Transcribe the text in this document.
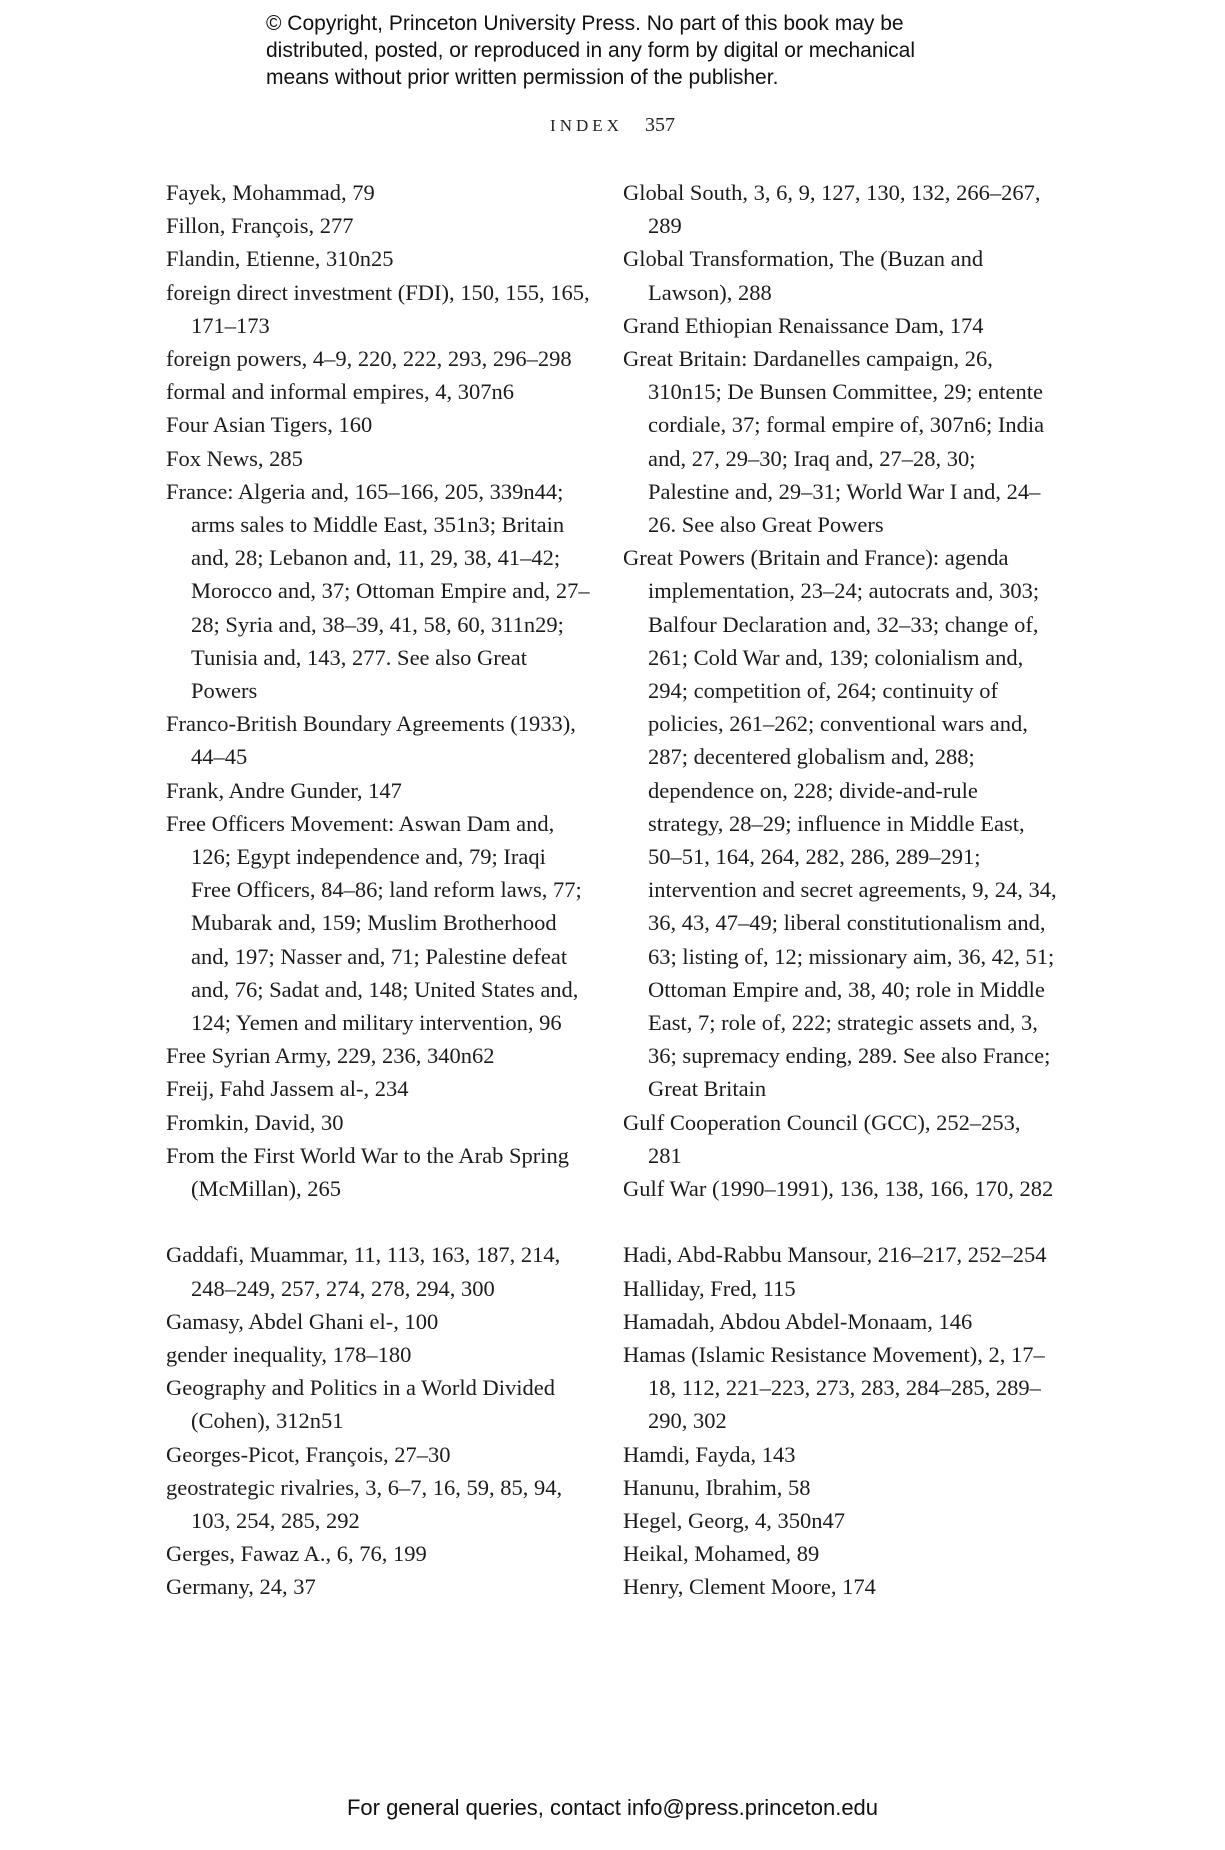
© Copyright, Princeton University Press. No part of this book may be
distributed, posted, or reproduced in any form by digital or mechanical
means without prior written permission of the publisher.
INDEX 357
Fayek, Mohammad, 79
Fillon, François, 277
Flandin, Etienne, 310n25
foreign direct investment (FDI), 150, 155, 165, 171–173
foreign powers, 4–9, 220, 222, 293, 296–298
formal and informal empires, 4, 307n6
Four Asian Tigers, 160
Fox News, 285
France: Algeria and, 165–166, 205, 339n44; arms sales to Middle East, 351n3; Britain and, 28; Lebanon and, 11, 29, 38, 41–42; Morocco and, 37; Ottoman Empire and, 27–28; Syria and, 38–39, 41, 58, 60, 311n29; Tunisia and, 143, 277. See also Great Powers
Franco-British Boundary Agreements (1933), 44–45
Frank, Andre Gunder, 147
Free Officers Movement: Aswan Dam and, 126; Egypt independence and, 79; Iraqi Free Officers, 84–86; land reform laws, 77; Mubarak and, 159; Muslim Brotherhood and, 197; Nasser and, 71; Palestine defeat and, 76; Sadat and, 148; United States and, 124; Yemen and military intervention, 96
Free Syrian Army, 229, 236, 340n62
Freij, Fahd Jassem al-, 234
Fromkin, David, 30
From the First World War to the Arab Spring (McMillan), 265
Gaddafi, Muammar, 11, 113, 163, 187, 214, 248–249, 257, 274, 278, 294, 300
Gamasy, Abdel Ghani el-, 100
gender inequality, 178–180
Geography and Politics in a World Divided (Cohen), 312n51
Georges-Picot, François, 27–30
geostrategic rivalries, 3, 6–7, 16, 59, 85, 94, 103, 254, 285, 292
Gerges, Fawaz A., 6, 76, 199
Germany, 24, 37
Global South, 3, 6, 9, 127, 130, 132, 266–267, 289
Global Transformation, The (Buzan and Lawson), 288
Grand Ethiopian Renaissance Dam, 174
Great Britain: Dardanelles campaign, 26, 310n15; De Bunsen Committee, 29; entente cordiale, 37; formal empire of, 307n6; India and, 27, 29–30; Iraq and, 27–28, 30; Palestine and, 29–31; World War I and, 24–26. See also Great Powers
Great Powers (Britain and France): agenda implementation, 23–24; autocrats and, 303; Balfour Declaration and, 32–33; change of, 261; Cold War and, 139; colonialism and, 294; competition of, 264; continuity of policies, 261–262; conventional wars and, 287; decentered globalism and, 288; dependence on, 228; divide-and-rule strategy, 28–29; influence in Middle East, 50–51, 164, 264, 282, 286, 289–291; intervention and secret agreements, 9, 24, 34, 36, 43, 47–49; liberal constitutionalism and, 63; listing of, 12; missionary aim, 36, 42, 51; Ottoman Empire and, 38, 40; role in Middle East, 7; role of, 222; strategic assets and, 3, 36; supremacy ending, 289. See also France; Great Britain
Gulf Cooperation Council (GCC), 252–253, 281
Gulf War (1990–1991), 136, 138, 166, 170, 282
Hadi, Abd-Rabbu Mansour, 216–217, 252–254
Halliday, Fred, 115
Hamadah, Abdou Abdel-Monaam, 146
Hamas (Islamic Resistance Movement), 2, 17–18, 112, 221–223, 273, 283, 284–285, 289–290, 302
Hamdi, Fayda, 143
Hanunu, Ibrahim, 58
Hegel, Georg, 4, 350n47
Heikal, Mohamed, 89
Henry, Clement Moore, 174
For general queries, contact info@press.princeton.edu
